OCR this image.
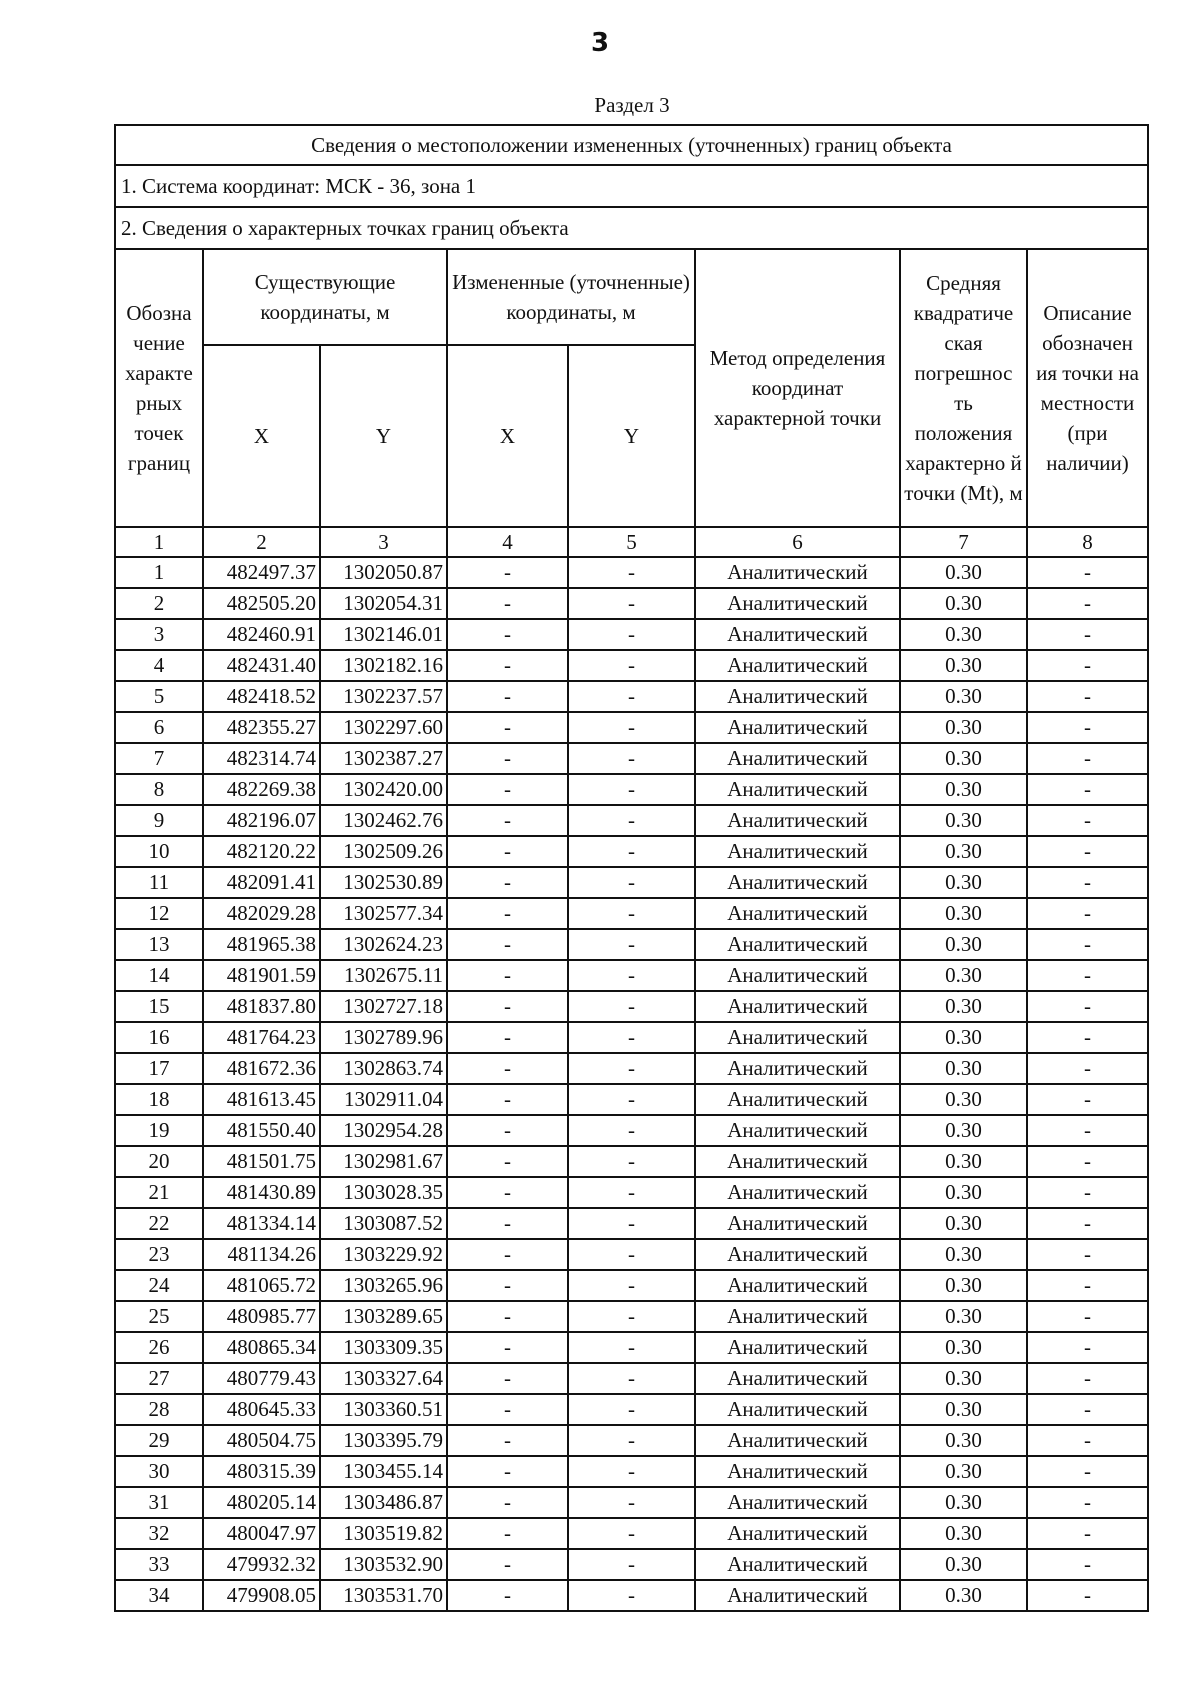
3
Раздел 3
Сведения о местоположении измененных (уточненных) границ объекта							
1. Система координат: МСК - 36, зона 1							
2. Сведения о характерных точках границ объекта							
Обозна чение характе рных точек границ	Существующие координаты, м		Измененные (уточненные) координаты, м		Метод определения координат характерной точки	Средняя квадратиче ская погрешнос ть положения характерно й точки (Mt), м	Описание обозначен ия точки на местности (при наличии)
	X	Y	X	Y			
1	2	3	4	5	6	7	8
1	482497.37	1302050.87	-	-	Аналитический	0.30	-
2	482505.20	1302054.31	-	-	Аналитический	0.30	-
3	482460.91	1302146.01	-	-	Аналитический	0.30	-
4	482431.40	1302182.16	-	-	Аналитический	0.30	-
5	482418.52	1302237.57	-	-	Аналитический	0.30	-
6	482355.27	1302297.60	-	-	Аналитический	0.30	-
7	482314.74	1302387.27	-	-	Аналитический	0.30	-
8	482269.38	1302420.00	-	-	Аналитический	0.30	-
9	482196.07	1302462.76	-	-	Аналитический	0.30	-
10	482120.22	1302509.26	-	-	Аналитический	0.30	-
11	482091.41	1302530.89	-	-	Аналитический	0.30	-
12	482029.28	1302577.34	-	-	Аналитический	0.30	-
13	481965.38	1302624.23	-	-	Аналитический	0.30	-
14	481901.59	1302675.11	-	-	Аналитический	0.30	-
15	481837.80	1302727.18	-	-	Аналитический	0.30	-
16	481764.23	1302789.96	-	-	Аналитический	0.30	-
17	481672.36	1302863.74	-	-	Аналитический	0.30	-
18	481613.45	1302911.04	-	-	Аналитический	0.30	-
19	481550.40	1302954.28	-	-	Аналитический	0.30	-
20	481501.75	1302981.67	-	-	Аналитический	0.30	-
21	481430.89	1303028.35	-	-	Аналитический	0.30	-
22	481334.14	1303087.52	-	-	Аналитический	0.30	-
23	481134.26	1303229.92	-	-	Аналитический	0.30	-
24	481065.72	1303265.96	-	-	Аналитический	0.30	-
25	480985.77	1303289.65	-	-	Аналитический	0.30	-
26	480865.34	1303309.35	-	-	Аналитический	0.30	-
27	480779.43	1303327.64	-	-	Аналитический	0.30	-
28	480645.33	1303360.51	-	-	Аналитический	0.30	-
29	480504.75	1303395.79	-	-	Аналитический	0.30	-
30	480315.39	1303455.14	-	-	Аналитический	0.30	-
31	480205.14	1303486.87	-	-	Аналитический	0.30	-
32	480047.97	1303519.82	-	-	Аналитический	0.30	-
33	479932.32	1303532.90	-	-	Аналитический	0.30	-
34	479908.05	1303531.70	-	-	Аналитический	0.30	-
